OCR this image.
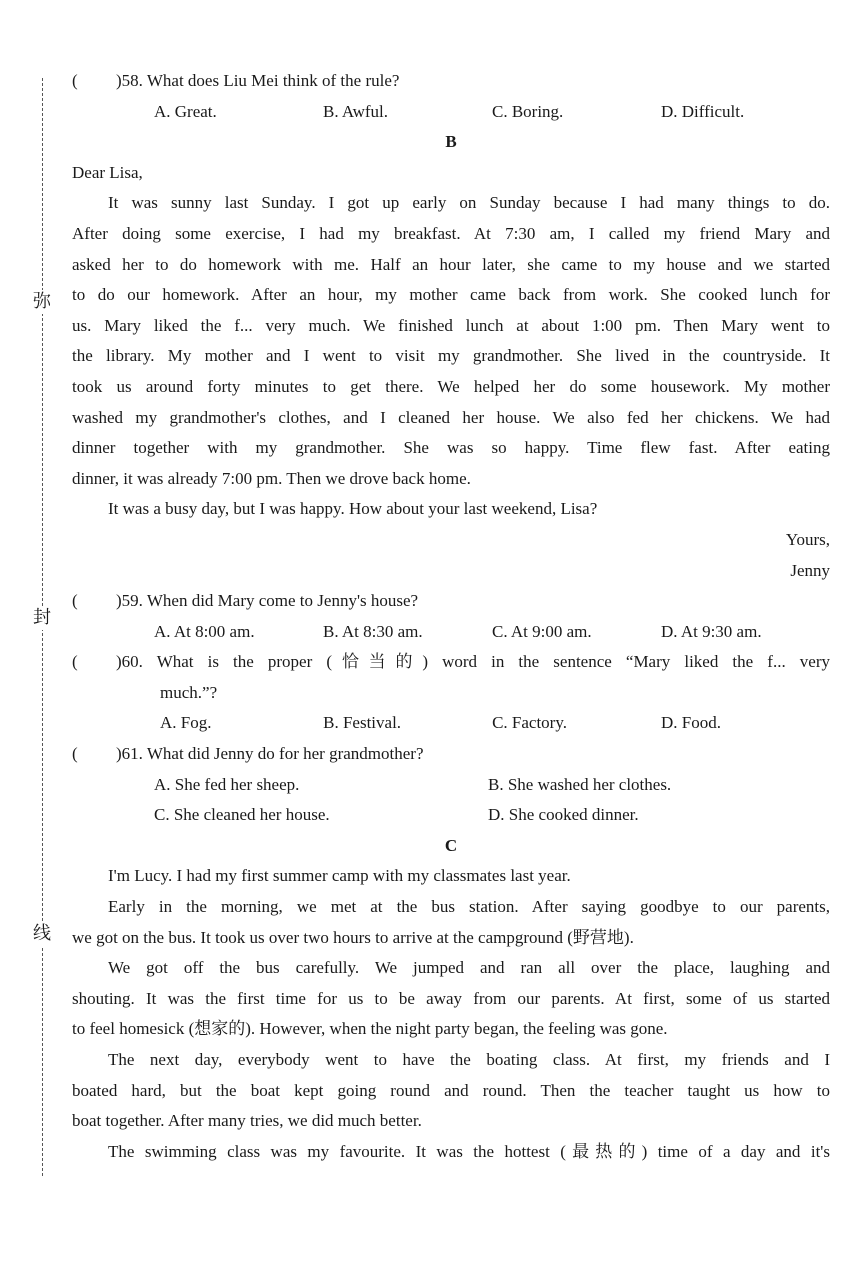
弥
封
线
( )58. What does Liu Mei think of the rule?
A. Great.	B. Awful.	C. Boring.	D. Difficult.
B
Dear Lisa,
It was sunny last Sunday. I got up early on Sunday because I had many things to do.
After doing some exercise, I had my breakfast. At 7:30 am, I called my friend Mary and
asked her to do homework with me. Half an hour later, she came to my house and we started
to do our homework. After an hour, my mother came back from work. She cooked lunch for
us. Mary liked the f... very much. We finished lunch at about 1:00 pm. Then Mary went to
the library. My mother and I went to visit my grandmother. She lived in the countryside. It
took us around forty minutes to get there. We helped her do some housework. My mother
washed my grandmother's clothes, and I cleaned her house. We also fed her chickens. We had
dinner together with my grandmother. She was so happy. Time flew fast. After eating
dinner, it was already 7:00 pm. Then we drove back home.
It was a busy day, but I was happy. How about your last weekend, Lisa?
Yours,
Jenny
( )59. When did Mary come to Jenny's house?
A. At 8:00 am.	B. At 8:30 am.	C. At 9:00 am.	D. At 9:30 am.
(	)60. What is the proper (恰当的) word in the sentence “Mary liked the f... very
much.”?
A. Fog.	B. Festival.	C. Factory.	D. Food.
( )61. What did Jenny do for her grandmother?
A. She fed her sheep.	B. She washed her clothes.
C. She cleaned her house.	D. She cooked dinner.
C
I'm Lucy. I had my first summer camp with my classmates last year.
Early in the morning, we met at the bus station. After saying goodbye to our parents,
we got on the bus. It took us over two hours to arrive at the campground (野营地).
We got off the bus carefully. We jumped and ran all over the place, laughing and
shouting. It was the first time for us to be away from our parents. At first, some of us started
to feel homesick (想家的). However, when the night party began, the feeling was gone.
The next day, everybody went to have the boating class. At first, my friends and I
boated hard, but the boat kept going round and round. Then the teacher taught us how to
boat together. After many tries, we did much better.
The swimming class was my favourite. It was the hottest (最热的) time of a day and it's
